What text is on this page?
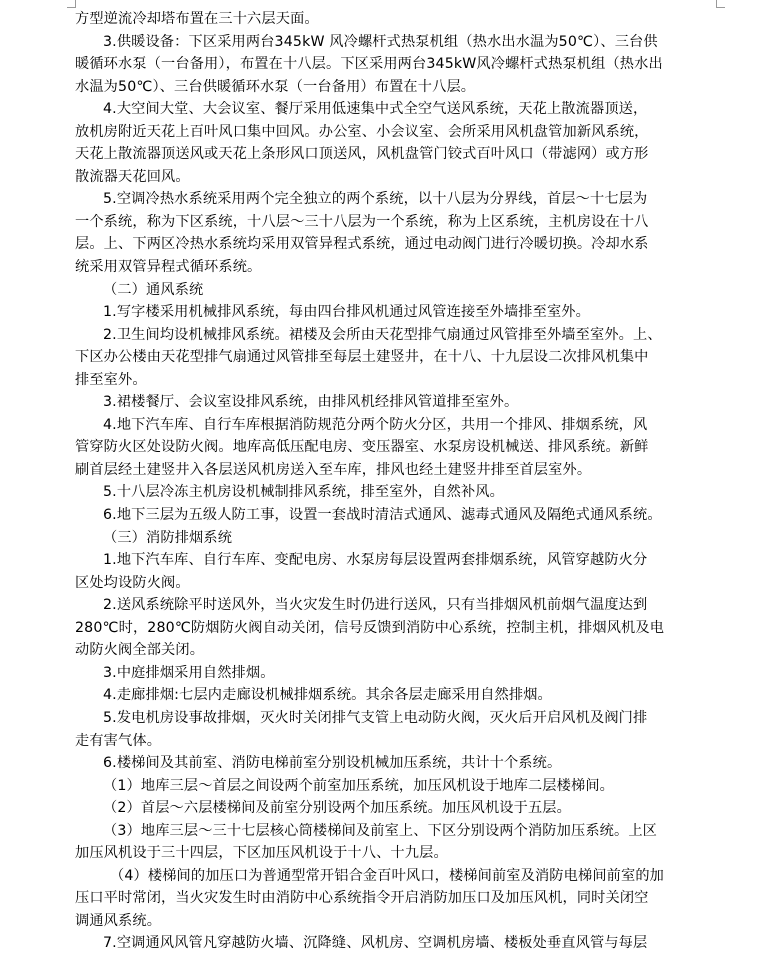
方型逆流冷却塔布置在三十六层天面。
3.供暖设备：下区采用两台345kW 风冷螺杆式热泵机组（热水出水温为50℃）、三台供
暖循环水泵（一台备用），布置在十八层。下区采用两台345kW风冷螺杆式热泵机组（热水出
水温为50℃）、三台供暖循环水泵（一台备用）布置在十八层。
4.大空间大堂、大会议室、餐厅采用低速集中式全空气送风系统，天花上散流器顶送，
放机房附近天花上百叶风口集中回风。办公室、小会议室、会所采用风机盘管加新风系统，
天花上散流器顶送风或天花上条形风口顶送风，风机盘管门铰式百叶风口（带滤网）或方形
散流器天花回风。
5.空调冷热水系统采用两个完全独立的两个系统，以十八层为分界线，首层～十七层为
一个系统，称为下区系统，十八层～三十八层为一个系统，称为上区系统，主机房设在十八
层。上、下两区冷热水系统均采用双管异程式系统，通过电动阀门进行冷暖切换。冷却水系
统采用双管异程式循环系统。
（二）通风系统
1.写字楼采用机械排风系统，每由四台排风机通过风管连接至外墙排至室外。
2.卫生间均设机械排风系统。裙楼及会所由天花型排气扇通过风管排至外墙至室外。上、
下区办公楼由天花型排气扇通过风管排至每层土建竖井，在十八、十九层设二次排风机集中
排至室外。
3.裙楼餐厅、会议室设排风系统，由排风机经排风管道排至室外。
4.地下汽车库、自行车库根据消防规范分两个防火分区，共用一个排风、排烟系统，风
管穿防火区处设防火阀。地库高低压配电房、变压器室、水泵房设机械送、排风系统。新鲜
刷首层经土建竖井入各层送风机房送入至车库，排风也经土建竖井排至首层室外。
5.十八层冷冻主机房设机械制排风系统，排至室外，自然补风。
6.地下三层为五级人防工事，设置一套战时清洁式通风、滤毒式通风及隔绝式通风系统。
（三）消防排烟系统
1.地下汽车库、自行车库、变配电房、水泵房每层设置两套排烟系统，风管穿越防火分
区处均设防火阀。
2.送风系统除平时送风外，当火灾发生时仍进行送风，只有当排烟风机前烟气温度达到
280℃时，280℃防烟防火阀自动关闭，信号反馈到消防中心系统，控制主机，排烟风机及电
动防火阀全部关闭。
3.中庭排烟采用自然排烟。
4.走廊排烟:七层内走廊设机械排烟系统。其余各层走廊采用自然排烟。
5.发电机房设事故排烟，灭火时关闭排气支管上电动防火阀，灭火后开启风机及阀门排
走有害气体。
6.楼梯间及其前室、消防电梯前室分别设机械加压系统，共计十个系统。
（1）地库三层～首层之间设两个前室加压系统，加压风机设于地库二层楼梯间。
（2）首层～六层楼梯间及前室分别设两个加压系统。加压风机设于五层。
（3）地库三层～三十七层核心筒楼梯间及前室上、下区分别设两个消防加压系统。上区
加压风机设于三十四层，下区加压风机设于十八、十九层。
（4）楼梯间的加压口为普通型常开铝合金百叶风口，楼梯间前室及消防电梯间前室的加
压口平时常闭，当火灾发生时由消防中心系统指令开启消防加压口及加压风机，同时关闭空
调通风系统。
7.空调通风风管凡穿越防火墙、沉降缝、风机房、空调机房墙、楼板处垂直风管与每层
